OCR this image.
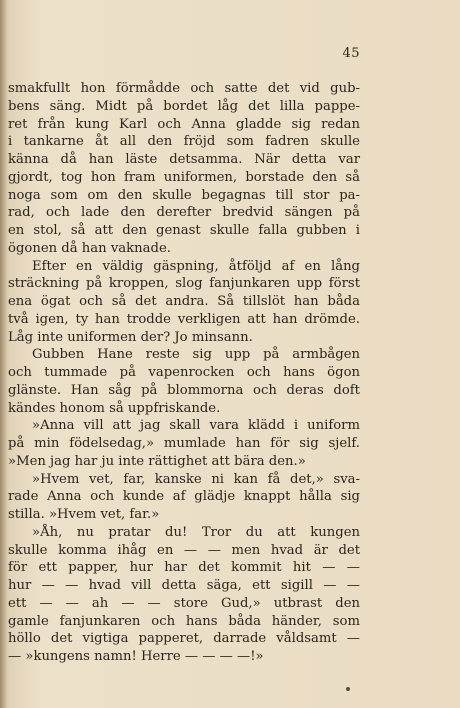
45
smakfullt hon förmådde och satte det vid gub-
bens säng. Midt på bordet låg det lilla pappe-
ret från kung Karl och Anna gladde sig redan
i tankarne åt all den fröjd som fadren skulle
känna då han läste detsamma. När detta var
gjordt, tog hon fram uniformen, borstade den så
noga som om den skulle begagnas till stor pa-
rad, och lade den derefter bredvid sängen på
en stol, så att den genast skulle falla gubben i
ögonen då han vaknade.
Efter en väldig gäspning, åtföljd af en lång
sträckning på kroppen, slog fanjunkaren upp först
ena ögat och så det andra. Så tillslöt han båda
två igen, ty han trodde verkligen att han drömde.
Låg inte uniformen der? Jo minsann.
Gubben Hane reste sig upp på armbågen
och tummade på vapenrocken och hans ögon
glänste. Han såg på blommorna och deras doft
kändes honom så uppfriskande.
»Anna vill att jag skall vara klädd i uniform
på min födelsedag,» mumlade han för sig sjelf.
»Men jag har ju inte rättighet att bära den.»
»Hvem vet, far, kanske ni kan få det,» sva-
rade Anna och kunde af glädje knappt hålla sig
stilla. »Hvem vet, far.»
»Åh, nu pratar du! Tror du att kungen
skulle komma ihåg en — — men hvad är det
för ett papper, hur har det kommit hit — —
hur — — hvad vill detta säga, ett sigill — —
ett — — ah — — store Gud,» utbrast den
gamle fanjunkaren och hans båda händer, som
höllo det vigtiga papperet, darrade våldsamt —
— »kungens namn! Herre — — — —!»
